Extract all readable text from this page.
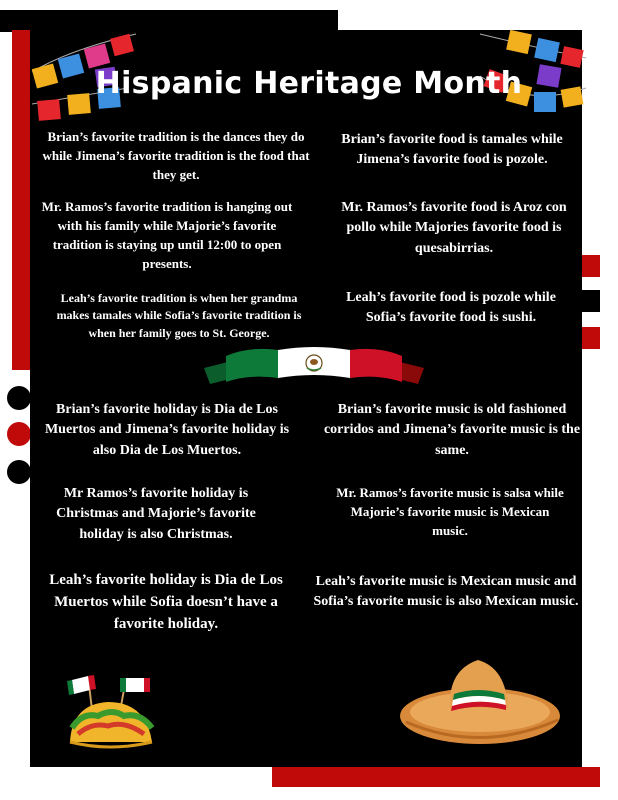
Hispanic Heritage Month
Brian’s favorite tradition is the dances they do while Jimena’s favorite tradition is the food that they get.
Mr. Ramos’s favorite tradition is hanging out with his family while Majorie’s favorite tradition is staying up until 12:00 to open presents.
Leah’s favorite tradition is when her grandma makes tamales while Sofia’s favorite tradition is when her family goes to St. George.
Brian’s favorite food is tamales while Jimena’s favorite food is pozole.
Mr. Ramos’s favorite food is Aroz con pollo while Majories favorite food is quesabirrias.
Leah’s favorite food is pozole while Sofia’s favorite food is sushi.
Brian’s favorite holiday is Dia de Los Muertos and Jimena’s favorite holiday is also Dia de Los Muertos.
Mr Ramos’s favorite holiday is Christmas and Majorie’s favorite holiday is also Christmas.
Leah’s favorite holiday is Dia de Los Muertos while Sofia doesn’t have a favorite holiday.
Brian’s favorite music is old fashioned corridos and Jimena’s favorite music is the same.
Mr. Ramos’s favorite music is salsa while Majorie’s favorite music is Mexican music.
Leah’s favorite music is Mexican music and Sofia’s favorite music is also Mexican music.
